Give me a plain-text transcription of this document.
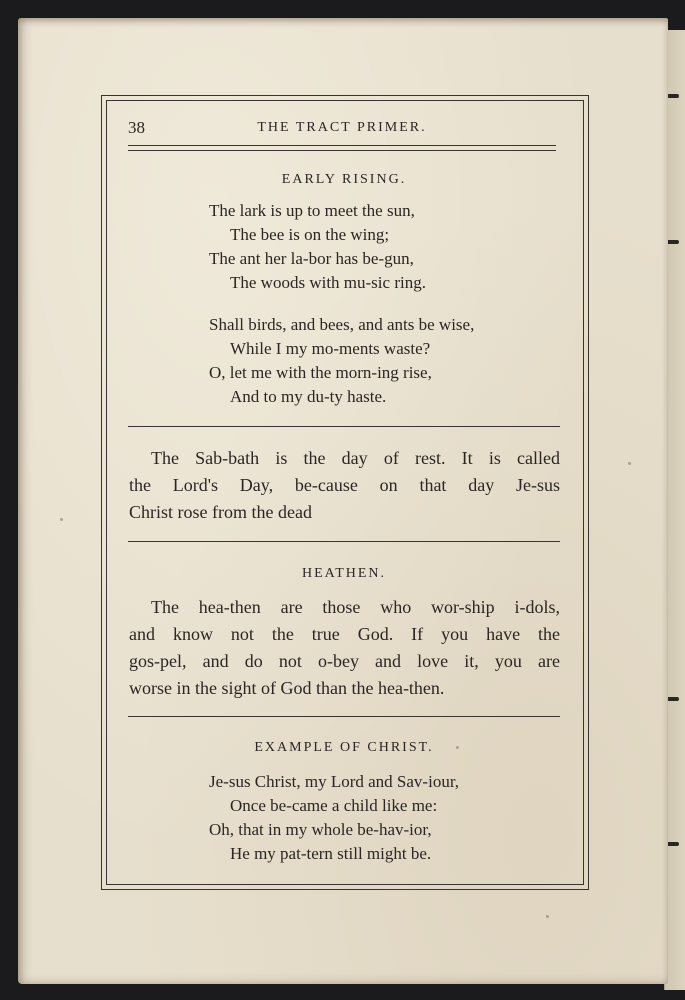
38	THE TRACT PRIMER.
EARLY RISING.
The lark is up to meet the sun,
The bee is on the wing;
The ant her la-bor has be-gun,
The woods with mu-sic ring.
Shall birds, and bees, and ants be wise,
While I my mo-ments waste?
O, let me with the morn-ing rise,
And to my du-ty haste.
The Sab-bath is the day of rest. It is called
the Lord's Day, be-cause on that day Je-sus
Christ rose from the dead
HEATHEN.
The hea-then are those who wor-ship i-dols,
and know not the true God. If you have the
gos-pel, and do not o-bey and love it, you are
worse in the sight of God than the hea-then.
EXAMPLE OF CHRIST.
Je-sus Christ, my Lord and Sav-iour,
Once be-came a child like me:
Oh, that in my whole be-hav-ior,
He my pat-tern still might be.
